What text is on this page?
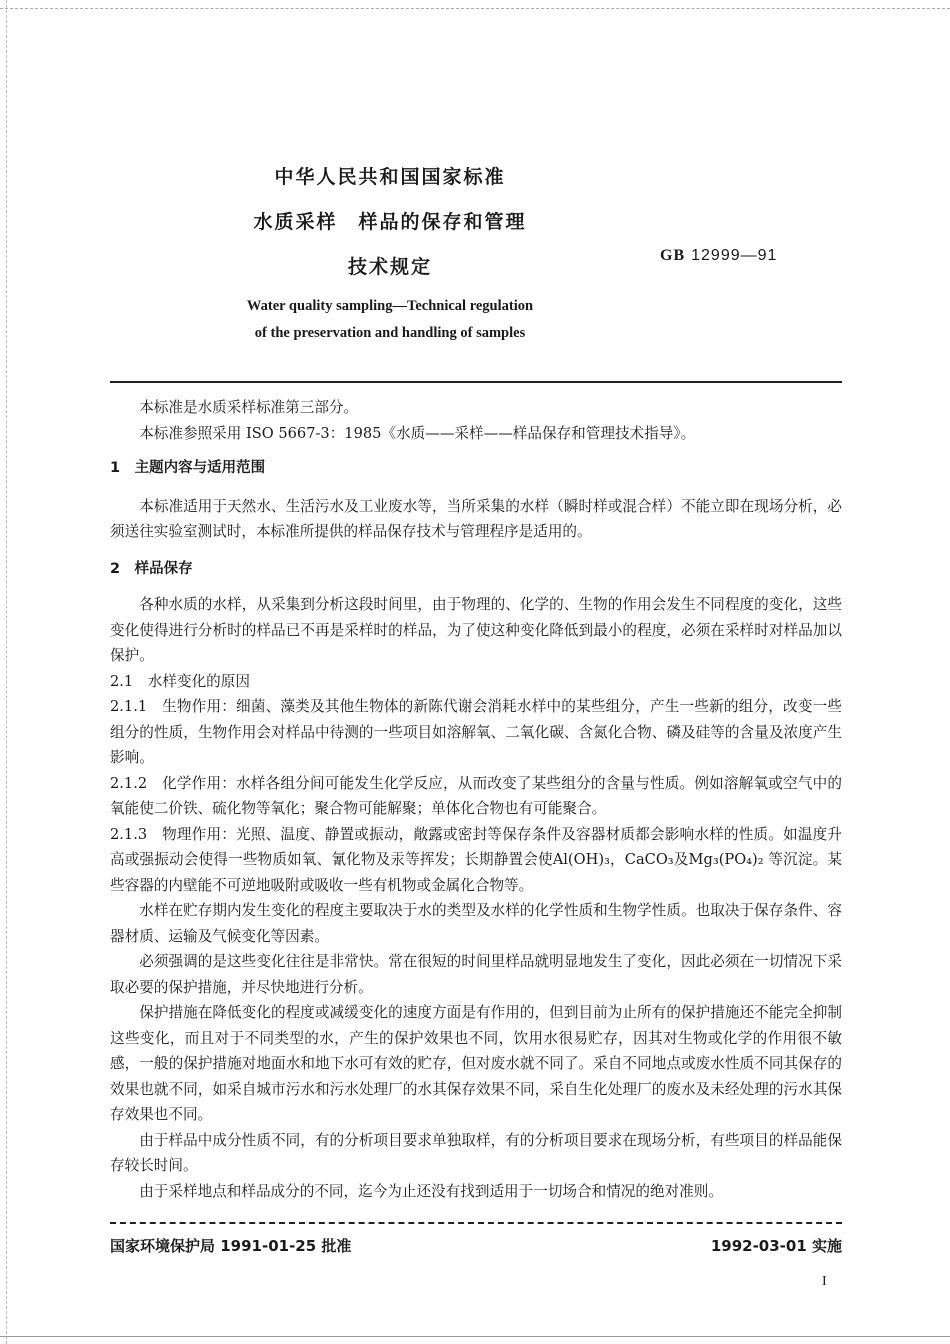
中华人民共和国国家标准
水质采样　样品的保存和管理
技术规定
GB 12999—91
Water quality sampling—Technical regulation
of the preservation and handling of samples

本标准是水质采样标准第三部分。

本标准参照采用 ISO 5667-3：1985《水质——采样——样品保存和管理技术指导》。

1　主题内容与适用范围

本标准适用于天然水、生活污水及工业废水等，当所采集的水样（瞬时样或混合样）不能立即在现场分析，必须送往实验室测试时，本标准所提供的样品保存技术与管理程序是适用的。

2　样品保存

各种水质的水样，从采集到分析这段时间里，由于物理的、化学的、生物的作用会发生不同程度的变化，这些变化使得进行分析时的样品已不再是采样时的样品，为了使这种变化降低到最小的程度，必须在采样时对样品加以保护。

2.1　水样变化的原因

2.1.1　生物作用：细菌、藻类及其他生物体的新陈代谢会消耗水样中的某些组分，产生一些新的组分，改变一些组分的性质，生物作用会对样品中待测的一些项目如溶解氧、二氧化碳、含氮化合物、磷及硅等的含量及浓度产生影响。

2.1.2　化学作用：水样各组分间可能发生化学反应，从而改变了某些组分的含量与性质。例如溶解氧或空气中的氧能使二价铁、硫化物等氧化；聚合物可能解聚；单体化合物也有可能聚合。

2.1.3　物理作用：光照、温度、静置或振动，敞露或密封等保存条件及容器材质都会影响水样的性质。如温度升高或强振动会使得一些物质如氧、氰化物及汞等挥发；长期静置会使Al(OH)₃，CaCO₃及Mg₃(PO₄)₂ 等沉淀。某些容器的内壁能不可逆地吸附或吸收一些有机物或金属化合物等。

水样在贮存期内发生变化的程度主要取决于水的类型及水样的化学性质和生物学性质。也取决于保存条件、容器材质、运输及气候变化等因素。

必须强调的是这些变化往往是非常快。常在很短的时间里样品就明显地发生了变化，因此必须在一切情况下采取必要的保护措施，并尽快地进行分析。

保护措施在降低变化的程度或减缓变化的速度方面是有作用的，但到目前为止所有的保护措施还不能完全抑制这些变化，而且对于不同类型的水，产生的保护效果也不同，饮用水很易贮存，因其对生物或化学的作用很不敏感，一般的保护措施对地面水和地下水可有效的贮存，但对废水就不同了。采自不同地点或废水性质不同其保存的效果也就不同，如采自城市污水和污水处理厂的水其保存效果不同，采自生化处理厂的废水及未经处理的污水其保存效果也不同。

由于样品中成分性质不同，有的分析项目要求单独取样，有的分析项目要求在现场分析，有些项目的样品能保存较长时间。

由于采样地点和样品成分的不同，迄今为止还没有找到适用于一切场合和情况的绝对准则。

国家环境保护局 1991-01-25 批准	1992-03-01 实施
I
